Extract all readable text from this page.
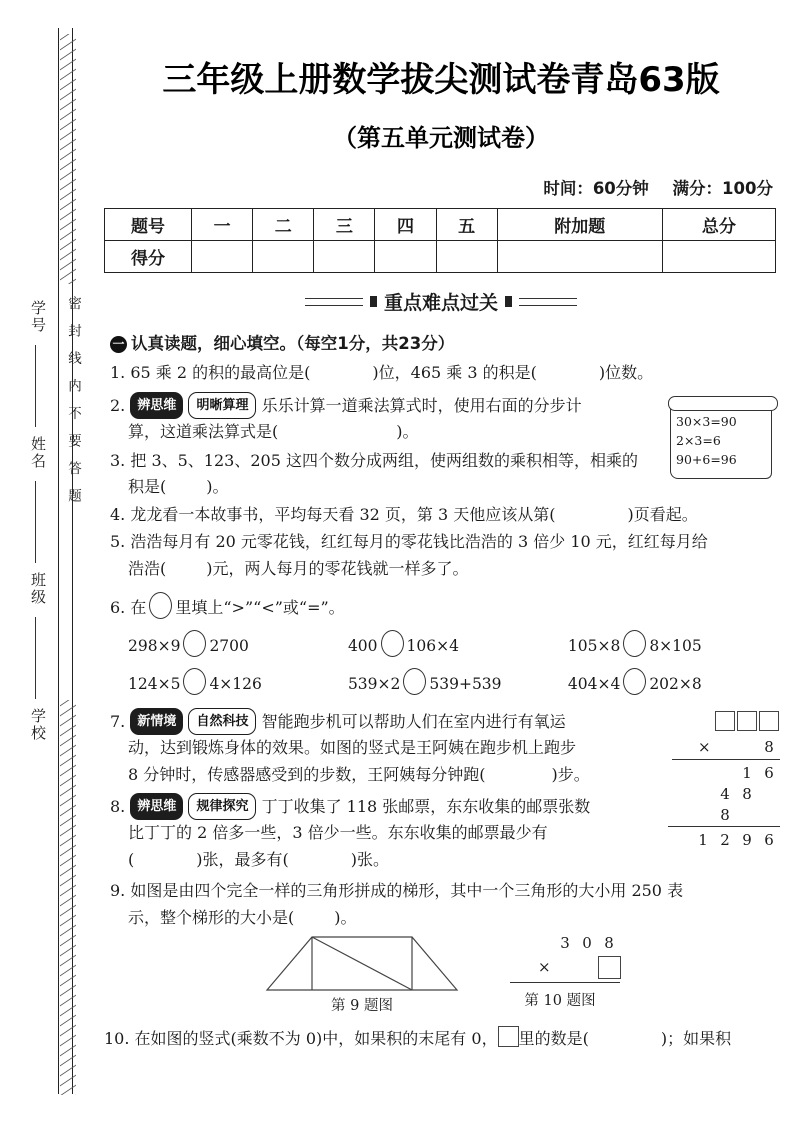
学号
姓名
班级
学校
密封线内不要答题
三年级上册数学拔尖测试卷青岛63版
（第五单元测试卷）
时间：60分钟 满分：100分
题号	一	二	三	四	五	附加题	总分
得分							
重点难点过关
一 认真读题，细心填空。（每空1分，共23分）
1. 65 乘 2 的积的最高位是(	)位，465 乘 3 的积是(	)位数。
2. 辨思维 明晰算理 乐乐计算一道乘法算式时，使用右面的分步计
算，这道乘法算式是(	)。
30×3=90
2×3=6
90+6=96
3. 把 3、5、123、205 这四个数分成两组，使两组数的乘积相等，相乘的
积是(	)。
4. 龙龙看一本故事书，平均每天看 32 页，第 3 天他应该从第(	)页看起。
5. 浩浩每月有 20 元零花钱，红红每月的零花钱比浩浩的 3 倍少 10 元，红红每月给
浩浩(	)元，两人每月的零花钱就一样多了。
6. 在 里填上“>”“<”或“=”。
298×9 2700	400 106×4	105×8 8×105
124×5 4×126	539×2 539+539	404×4 202×8
7. 新情境 自然科技 智能跑步机可以帮助人们在室内进行有氧运
动，达到锻炼身体的效果。如图的竖式是王阿姨在跑步机上跑步
8 分钟时，传感器感受到的步数，王阿姨每分钟跑(	)步。
×	8
1 6
4 8
8
1 2 9 6
8. 辨思维 规律探究 丁丁收集了 118 张邮票，东东收集的邮票张数
比丁丁的 2 倍多一些，3 倍少一些。东东收集的邮票最少有
(	)张，最多有(	)张。
9. 如图是由四个完全一样的三角形拼成的梯形，其中一个三角形的大小用 250 表
示，整个梯形的大小是(	)。
第 9 题图
3 0 8
×
第 10 题图
10. 在如图的竖式(乘数不为 0)中，如果积的末尾有 0， 里的数是(	)；如果积
